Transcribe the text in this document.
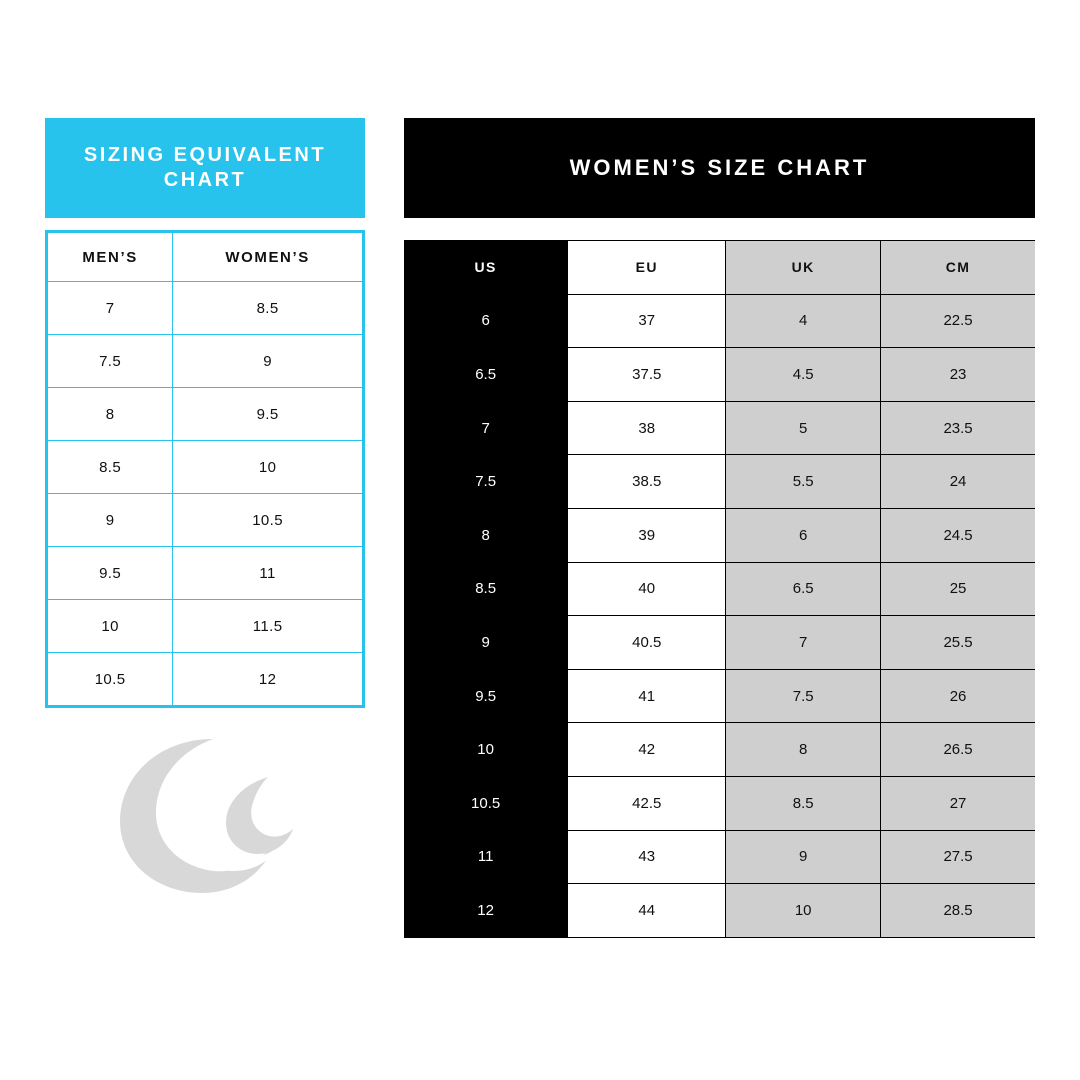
SIZING EQUIVALENT CHART
MEN’S	WOMEN’S
7	8.5
7.5	9
8	9.5
8.5	10
9	10.5
9.5	11
10	11.5
10.5	12
WOMEN’S SIZE CHART
US	EU	UK	CM
6	37	4	22.5
6.5	37.5	4.5	23
7	38	5	23.5
7.5	38.5	5.5	24
8	39	6	24.5
8.5	40	6.5	25
9	40.5	7	25.5
9.5	41	7.5	26
10	42	8	26.5
10.5	42.5	8.5	27
11	43	9	27.5
12	44	10	28.5
